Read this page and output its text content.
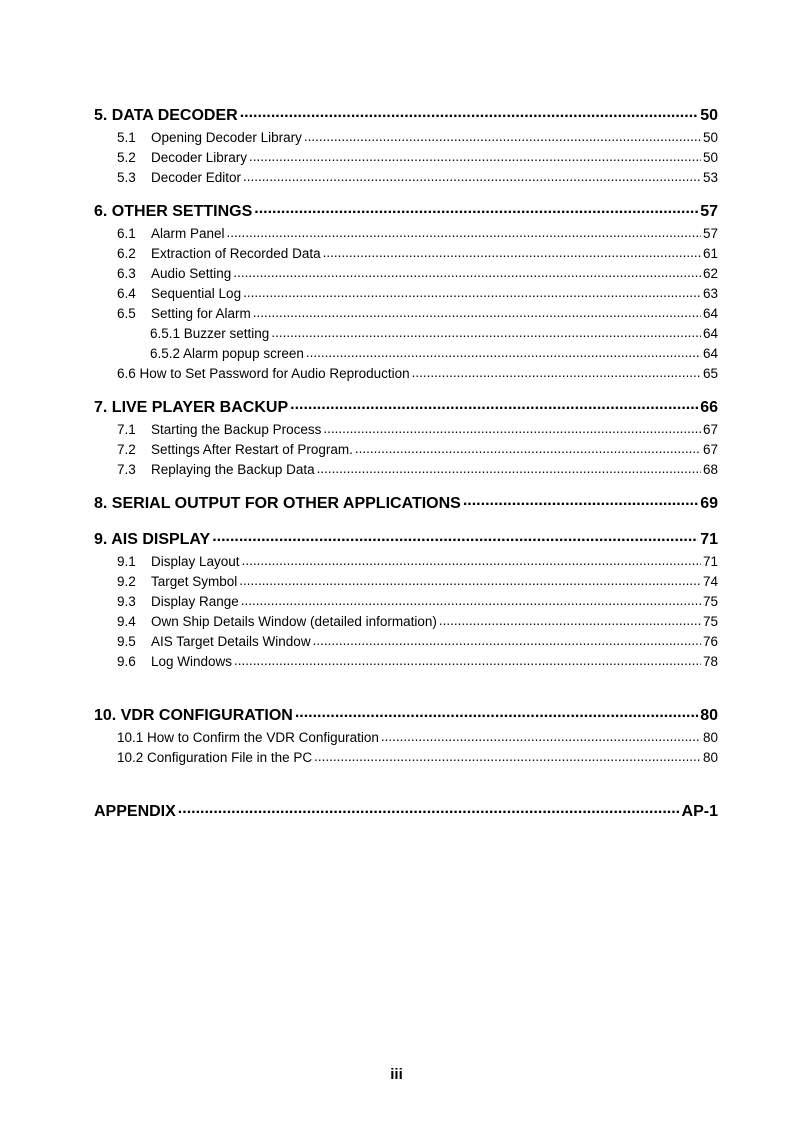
5. DATA DECODER .....	50
5.1	Opening Decoder Library .....	50
5.2	Decoder Library .....	50
5.3	Decoder Editor .....	53
6. OTHER SETTINGS .....	57
6.1	Alarm Panel .....	57
6.2	Extraction of Recorded Data .....	61
6.3	Audio Setting .....	62
6.4	Sequential Log .....	63
6.5	Setting for Alarm .....	64
6.5.1 Buzzer setting .....	64
6.5.2 Alarm popup screen .....	64
6.6 How to Set Password for Audio Reproduction .....	65
7. LIVE PLAYER BACKUP .....	66
7.1	Starting the Backup Process .....	67
7.2	Settings After Restart of Program. .....	67
7.3	Replaying the Backup Data .....	68
8. SERIAL OUTPUT FOR OTHER APPLICATIONS .....	69
9. AIS DISPLAY .....	71
9.1	Display Layout .....	71
9.2	Target Symbol .....	74
9.3	Display Range .....	75
9.4	Own Ship Details Window (detailed information) .....	75
9.5	AIS Target Details Window .....	76
9.6	Log Windows .....	78
10. VDR CONFIGURATION .....	80
10.1 How to Confirm the VDR Configuration .....	80
10.2 Configuration File in the PC .....	80
APPENDIX .....	AP-1
iii
